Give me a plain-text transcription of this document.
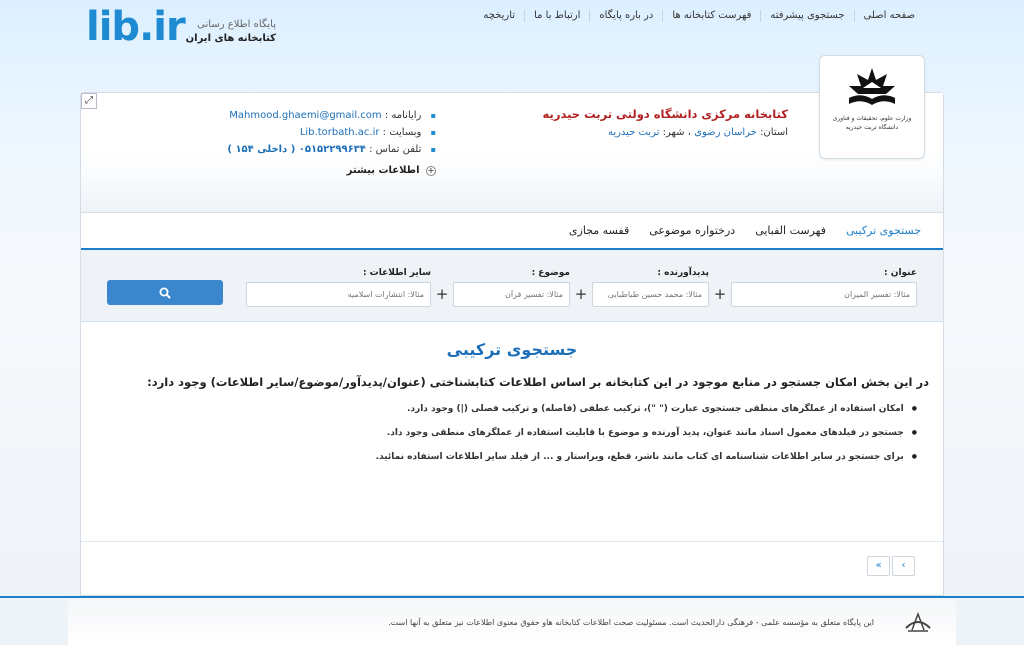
صفحه اصلی
جستجوی پیشرفته
فهرست کتابخانه ها
در باره پایگاه
ارتباط با ما
تاریخچه
lib.ir	پایگاه اطلاع رسانی
کتابخانه های ایران
⤢
وزارت علوم، تحقیقات و فناوری
دانشگاه تربت حیدریه
کتابخانه مرکزی دانشگاه دولتی تربت حیدریه
استان: خراسان رضوی ، شهر: تربت حیدریه
▪ رایانامه : Mahmood.ghaemi@gmail.com
▪ وبسایت : Lib.torbath.ac.ir
▪ تلفن تماس : ۰۵۱۵۲۲۹۹۶۳۴ ( داخلی ۱۵۴ )
+ اطلاعات بیشتر
جستجوی ترکیبی
فهرست الفبایی
درختواره موضوعی
قفسه مجازی
عنوان :
مثالا: تفسیر المیزان
+
پدیدآورنده :
مثالا: محمد حسین طباطبایی
+
موضوع :
مثالا: تفسیر قرآن
+
سایر اطلاعات :
مثالا: انتشارات اسلامیه
جستجوی ترکیبی
در این بخش امکان جستجو در منابع موجود در این کتابخانه بر اساس اطلاعات کتابشناختی (عنوان/پدیدآور/موضوع/سایر اطلاعات) وجود دارد:
● امکان استفاده از عملگرهای منطقی جستجوی عبارت (" ")، ترکیب عطفی (فاصله) و ترکیب فصلی (|) وجود دارد.
● جستجو در فیلدهای معمول اسناد مانند عنوان، پدید آورنده و موضوع با قابلیت استفاده از عملگرهای منطقی وجود داد.
● برای جستجو در سایر اطلاعات شناسنامه ای کتاب مانند ناشر، قطع، ویراستار و ... از فیلد سایر اطلاعات استفاده نمائید.
«	‹
این پایگاه متعلق به مؤسسه علمی - فرهنگی دارالحدیث است. مسئولیت صحت اطلاعات کتابخانه هاو حقوق معنوی اطلاعات نیز متعلق به آنها است.
